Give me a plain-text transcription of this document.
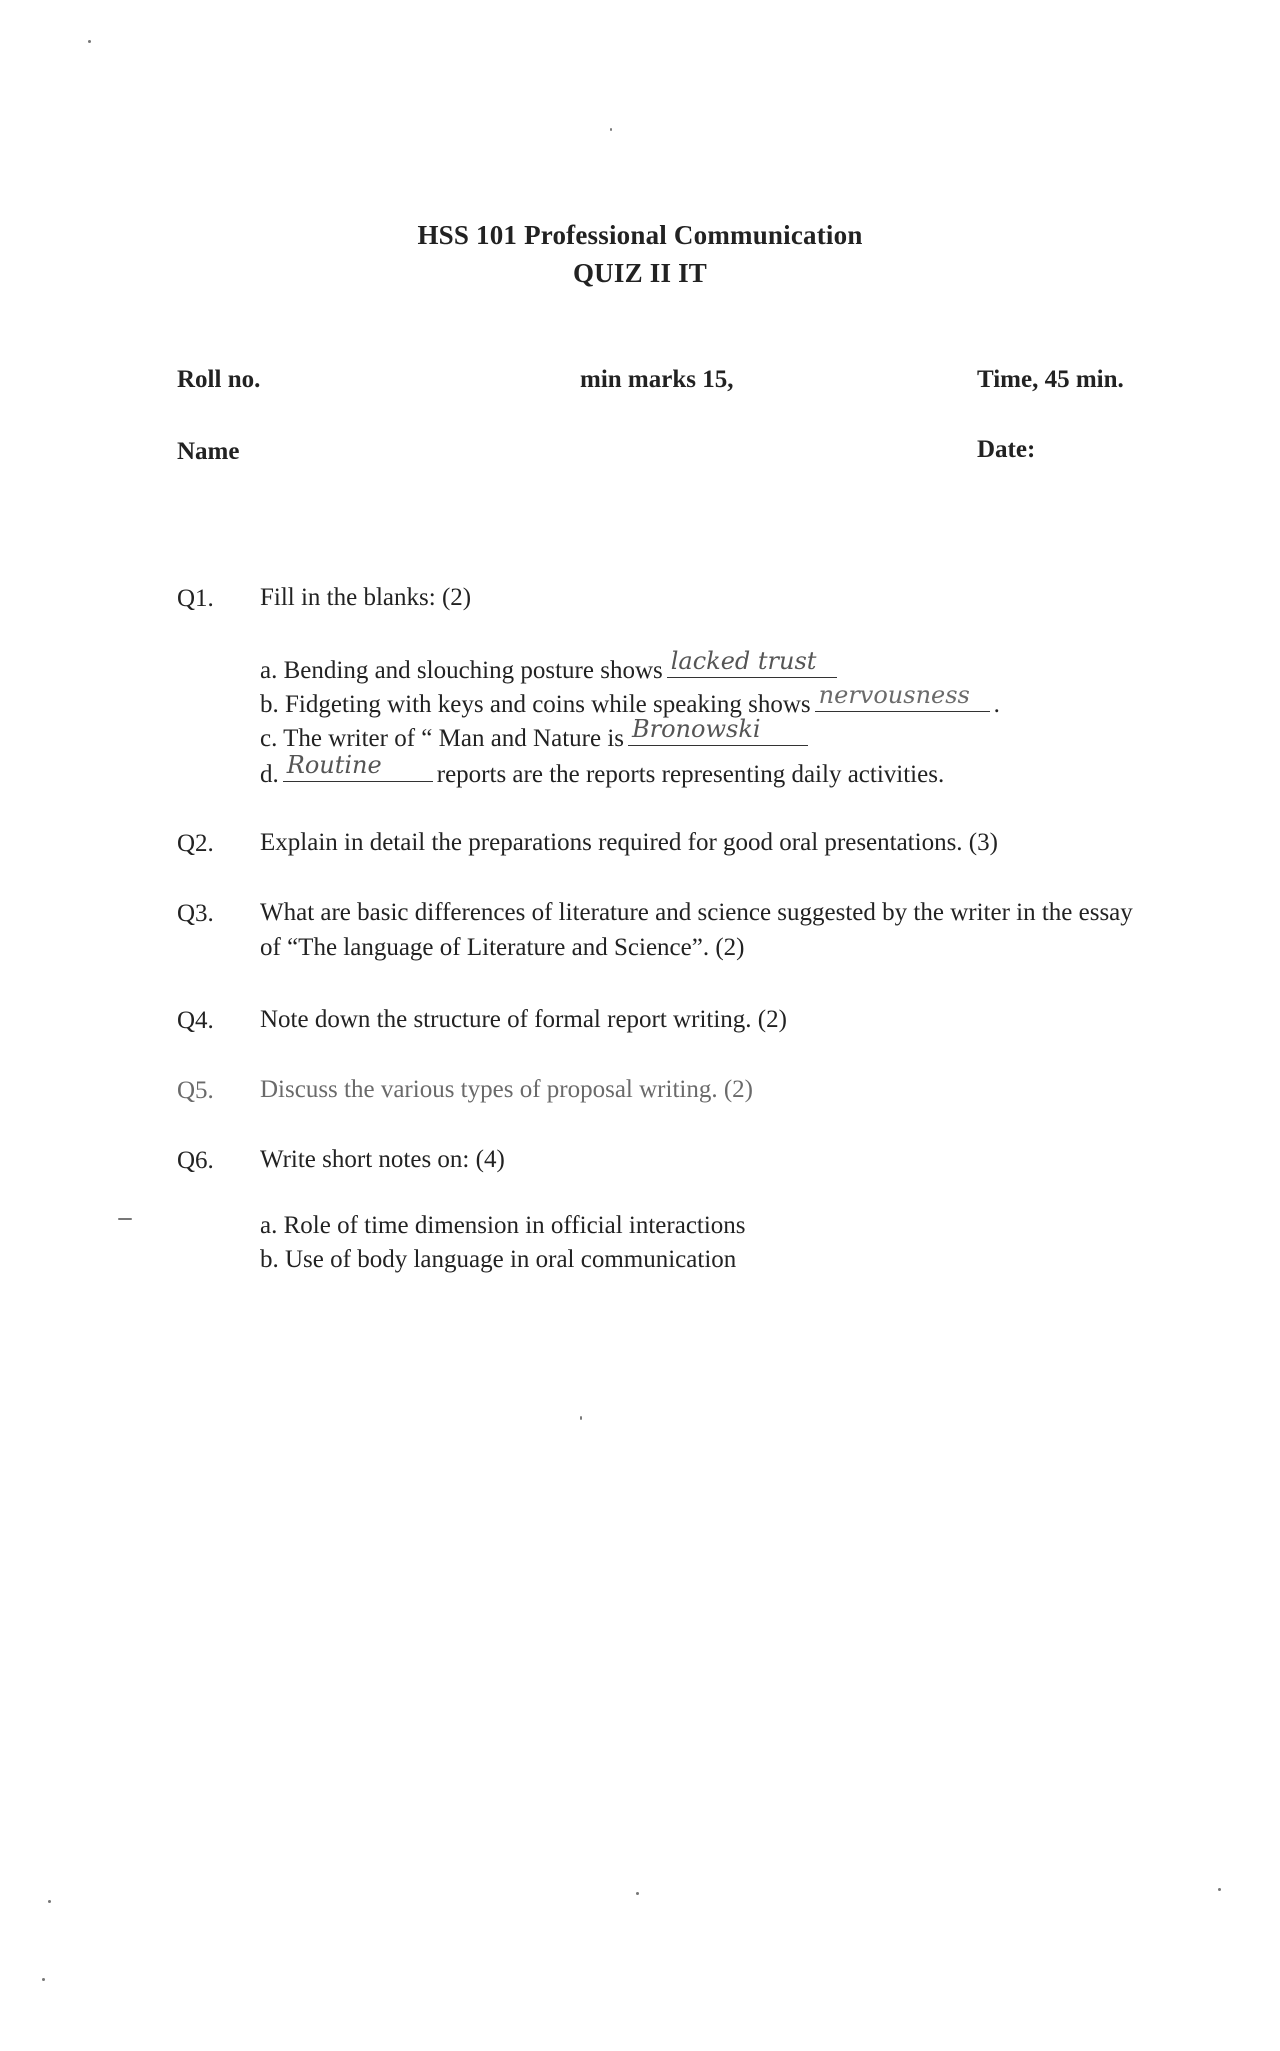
HSS 101 Professional Communication
QUIZ II IT
Roll no.	min marks 15,	Time, 45 min.
Name	Date:
Q1. Fill in the blanks: (2)
a. Bending and slouching posture shows lacked trust
b. Fidgeting with keys and coins while speaking shows nervousness .
c. The writer of “ Man and Nature is Bronowski
d. Routine reports are the reports representing daily activities.
Q2. Explain in detail the preparations required for good oral presentations. (3)
Q3. What are basic differences of literature and science suggested by the writer in the essay of “The language of Literature and Science”. (2)
Q4. Note down the structure of formal report writing. (2)
Q5. Discuss the various types of proposal writing. (2)
Q6. Write short notes on: (4)
a. Role of time dimension in official interactions
b. Use of body language in oral communication
